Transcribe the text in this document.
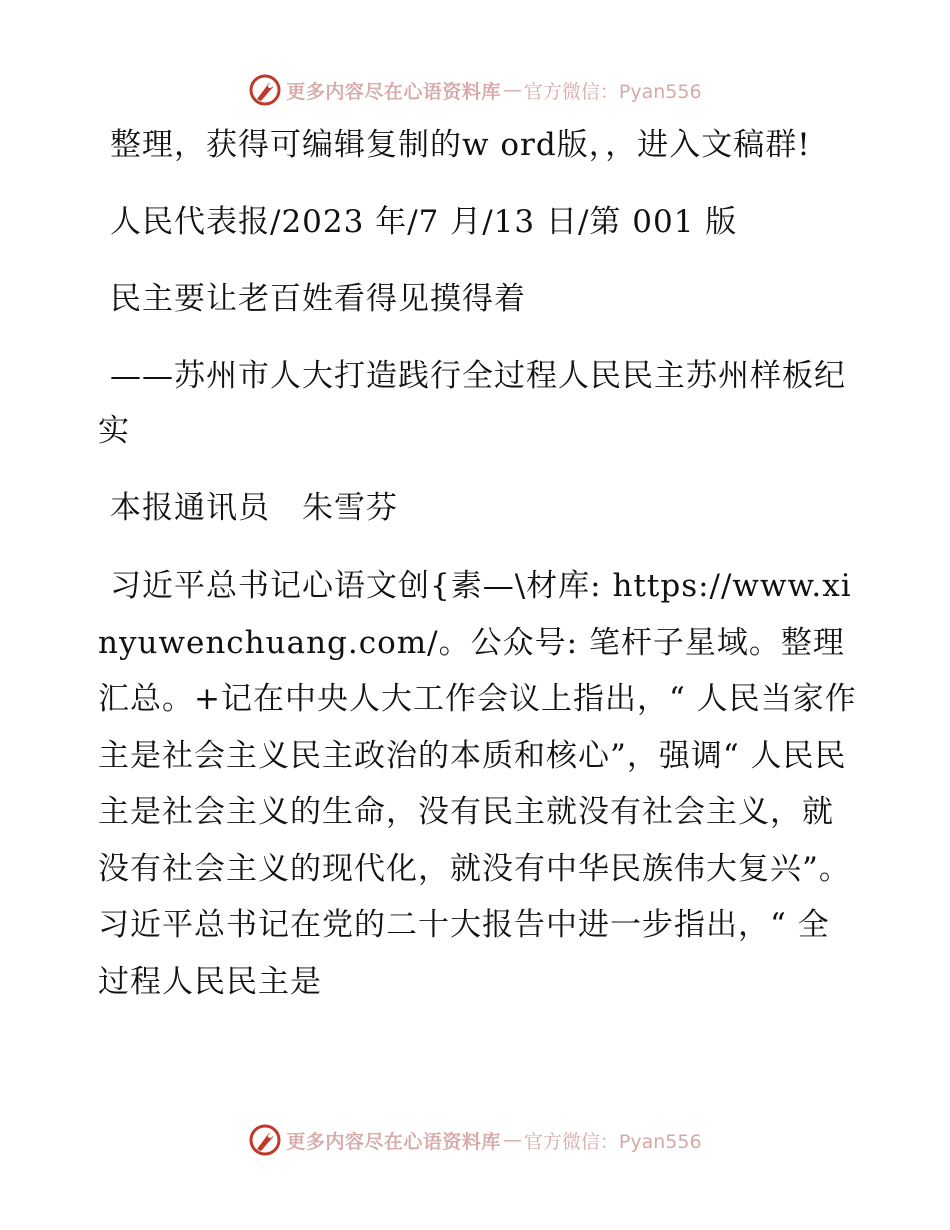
更多内容尽在心语资料库 — 官方微信：Pyan556

整理，获得可编辑复制的w ord版，，进入文稿群!

人民代表报/2023 年/7 月/13 日/第 001 版

民主要让老百姓看得见摸得着

——苏州市人大打造践行全过程人民民主苏州样板纪实

本报通讯员　朱雪芬

习近平总书记心语文创{素—\材库: https://www.xinyuwenchuang.com/。公众号: 笔杆子星域。整理汇总。+记在中央人大工作会议上指出，“ 人民当家作主是社会主义民主政治的本质和核心”，强调“ 人民民主是社会主义的生命，没有民主就没有社会主义，就没有社会主义的现代化，就没有中华民族伟大复兴”。习近平总书记在党的二十大报告中进一步指出，“ 全过程人民民主是

更多内容尽在心语资料库 — 官方微信：Pyan556
